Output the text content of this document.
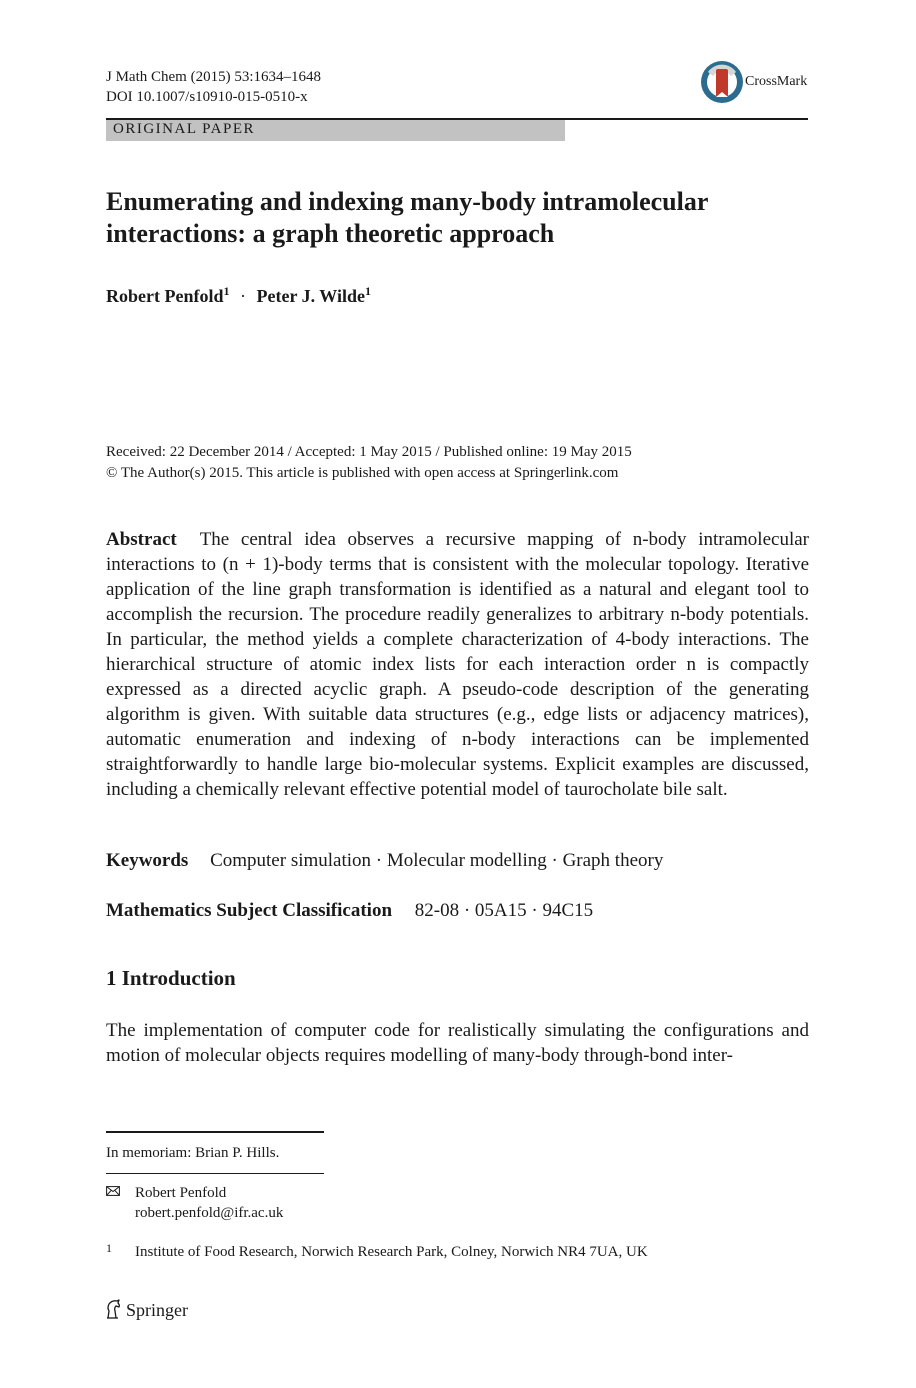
J Math Chem (2015) 53:1634–1648
DOI 10.1007/s10910-015-0510-x
CrossMark
ORIGINAL PAPER
Enumerating and indexing many-body intramolecular
interactions: a graph theoretic approach
Robert Penfold$^1$ · Peter J. Wilde$^1$
Received: 22 December 2014 / Accepted: 1 May 2015 / Published online: 19 May 2015
© The Author(s) 2015. This article is published with open access at Springerlink.com

Abstract The central idea observes a recursive mapping of n-body intramolecular interactions to (n + 1)-body terms that is consistent with the molecular topology. Iterative application of the line graph transformation is identified as a natural and elegant tool to accomplish the recursion. The procedure readily generalizes to arbitrary n-body potentials. In particular, the method yields a complete characterization of 4-body interactions. The hierarchical structure of atomic index lists for each interaction order n is compactly expressed as a directed acyclic graph. A pseudo-code description of the generating algorithm is given. With suitable data structures (e.g., edge lists or adjacency matrices), automatic enumeration and indexing of n-body interactions can be implemented straightforwardly to handle large bio-molecular systems. Explicit examples are discussed, including a chemically relevant effective potential model of taurocholate bile salt.

Keywords Computer simulation · Molecular modelling · Graph theory
Mathematics Subject Classification 82-08 · 05A15 · 94C15
1 Introduction

The implementation of computer code for realistically simulating the configurations and motion of molecular objects requires modelling of many-body through-bond inter-

In memoriam: Brian P. Hills.
Robert Penfold
robert.penfold@ifr.ac.uk
1 Institute of Food Research, Norwich Research Park, Colney, Norwich NR4 7UA, UK
Springer
